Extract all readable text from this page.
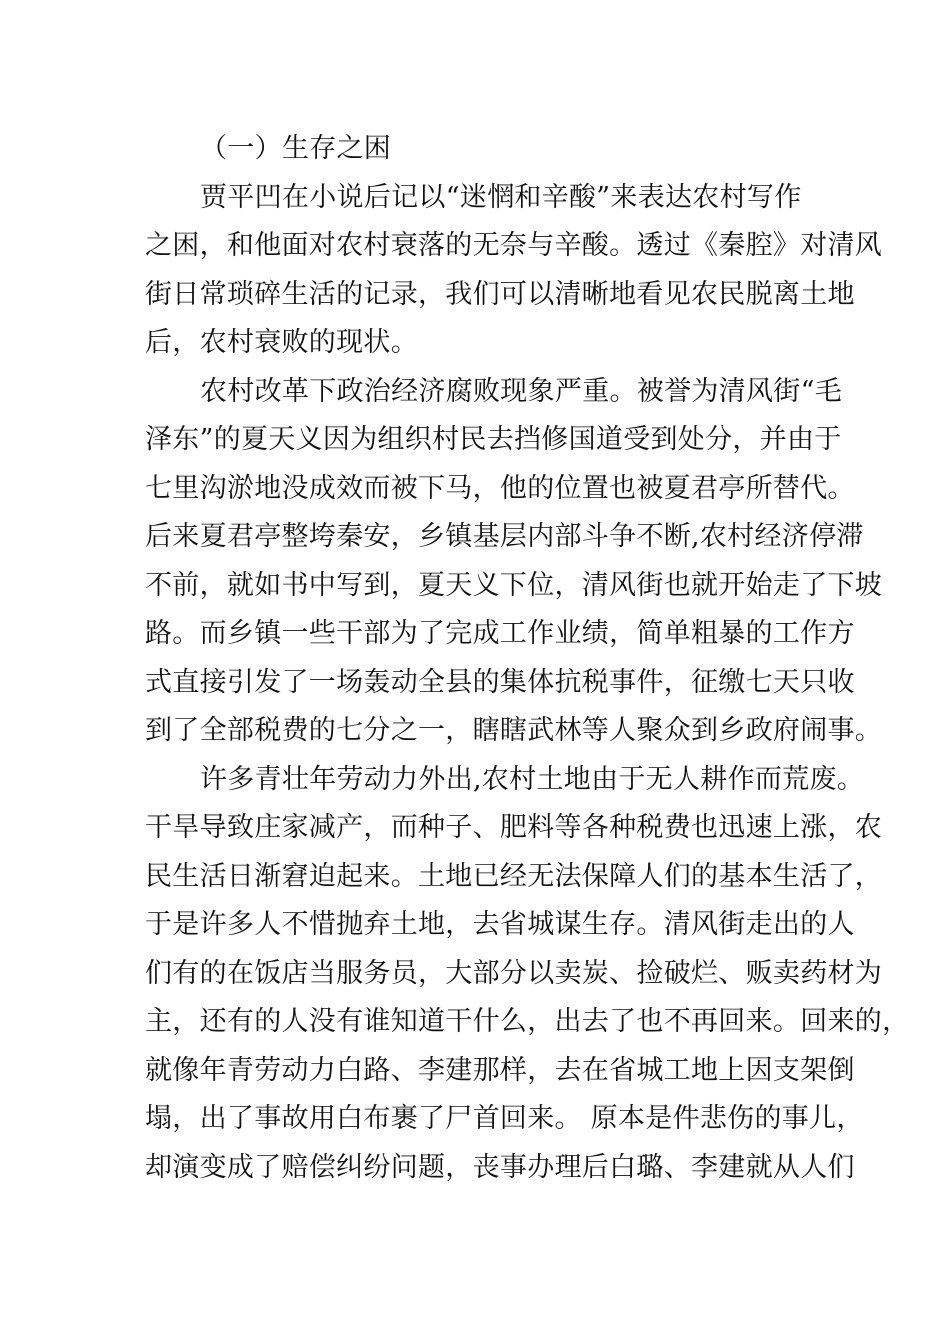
（一）生存之困
贾平凹在小说后记以“迷惘和辛酸”来表达农村写作
之困，和他面对农村衰落的无奈与辛酸。透过《秦腔》对清风
街日常琐碎生活的记录，我们可以清晰地看见农民脱离土地
后，农村衰败的现状。
农村改革下政治经济腐败现象严重。被誉为清风街“毛
泽东”的夏天义因为组织村民去挡修国道受到处分，并由于
七里沟淤地没成效而被下马，他的位置也被夏君亭所替代。
后来夏君亭整垮秦安，乡镇基层内部斗争不断,农村经济停滞
不前，就如书中写到，夏天义下位，清风街也就开始走了下坡
路。而乡镇一些干部为了完成工作业绩，简单粗暴的工作方
式直接引发了一场轰动全县的集体抗税事件，征缴七天只收
到了全部税费的七分之一，瞎瞎武林等人聚众到乡政府闹事。
许多青壮年劳动力外出,农村土地由于无人耕作而荒废。
干旱导致庄家减产，而种子、肥料等各种税费也迅速上涨，农
民生活日渐窘迫起来。土地已经无法保障人们的基本生活了，
于是许多人不惜抛弃土地，去省城谋生存。清风街走出的人
们有的在饭店当服务员，大部分以卖炭、捡破烂、贩卖药材为
主，还有的人没有谁知道干什么，出去了也不再回来。回来的，
就像年青劳动力白路、李建那样，去在省城工地上因支架倒
塌，出了事故用白布裹了尸首回来。 原本是件悲伤的事儿，
却演变成了赔偿纠纷问题，丧事办理后白璐、李建就从人们
